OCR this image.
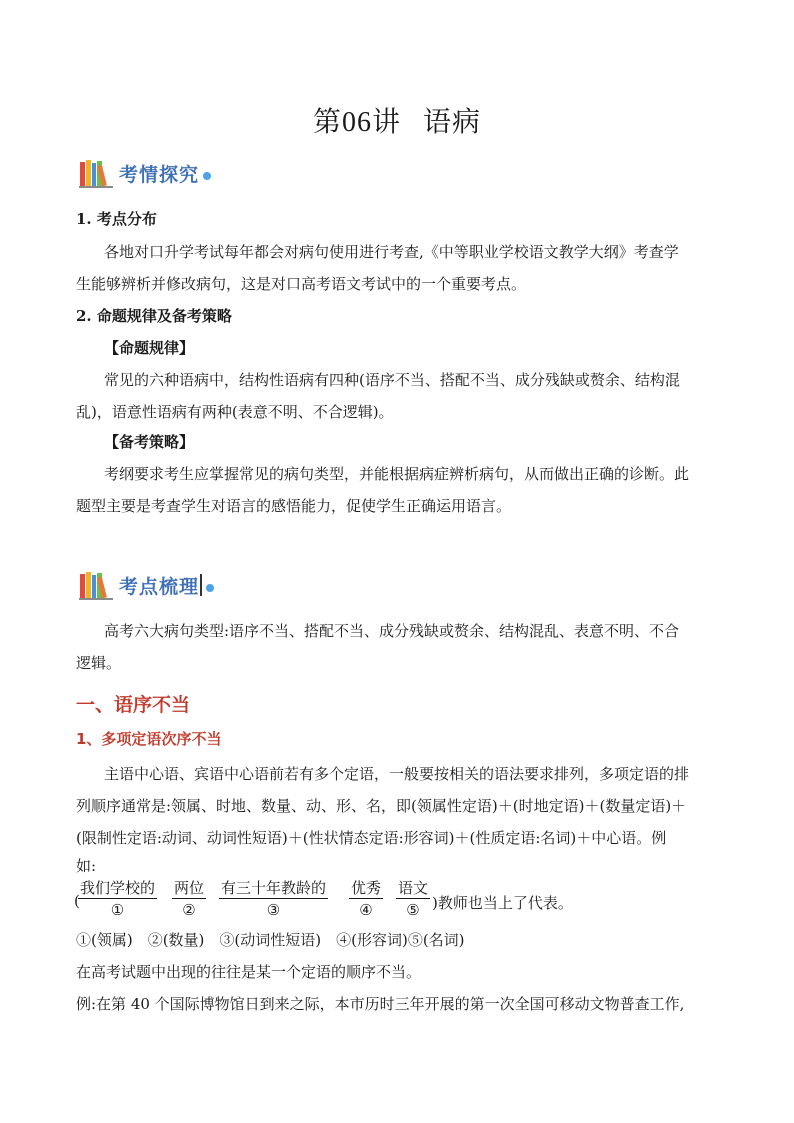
第06讲 语病
考情探究
1. 考点分布
各地对口升学考试每年都会对病句使用进行考查,《中等职业学校语文教学大纲》考查学
生能够辨析并修改病句，这是对口高考语文考试中的一个重要考点。
2. 命题规律及备考策略
【命题规律】
常见的六种语病中，结构性语病有四种(语序不当、搭配不当、成分残缺或赘余、结构混
乱)，语意性语病有两种(表意不明、不合逻辑)。
【备考策略】
考纲要求考生应掌握常见的病句类型，并能根据病症辨析病句，从而做出正确的诊断。此
题型主要是考查学生对语言的感悟能力，促使学生正确运用语言。
考点梳理
高考六大病句类型:语序不当、搭配不当、成分残缺或赘余、结构混乱、表意不明、不合
逻辑。
一、语序不当
1、多项定语次序不当
主语中心语、宾语中心语前若有多个定语，一般要按相关的语法要求排列，多项定语的排
列顺序通常是:领属、时地、数量、动、形、名，即(领属性定语)＋(时地定语)＋(数量定语)＋
(限制性定语:动词、动词性短语)＋(性状情态定语:形容词)＋(性质定语:名词)＋中心语。例
如:
(
我们学校的
①
两位
②
有三十年教龄的
③
优秀
④
语文
⑤ )教师也当上了代表。
①(领属)　②(数量)　③(动词性短语)　④(形容词)⑤(名词)
在高考试题中出现的往往是某一个定语的顺序不当。
例:在第 40 个国际博物馆日到来之际，本市历时三年开展的第一次全国可移动文物普查工作,
